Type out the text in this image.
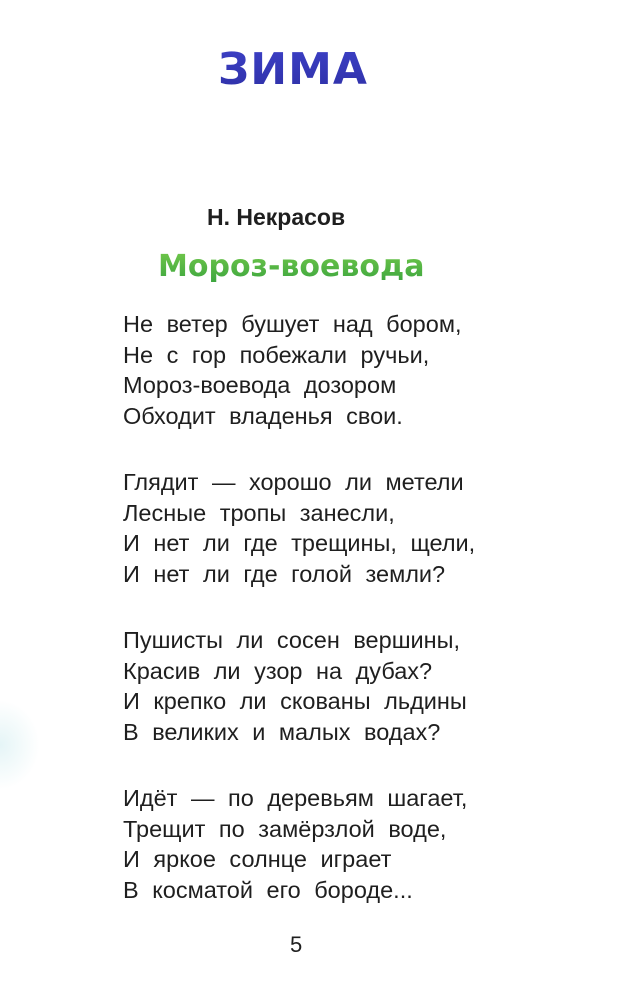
ЗИМА
Н. Некрасов
Мороз-воевода
Не ветер бушует над бором,
Не с гор побежали ручьи,
Мороз-воевода дозором
Обходит владенья свои.
Глядит — хорошо ли метели
Лесные тропы занесли,
И нет ли где трещины, щели,
И нет ли где голой земли?
Пушисты ли сосен вершины,
Красив ли узор на дубах?
И крепко ли скованы льдины
В великих и малых водах?
Идёт — по деревьям шагает,
Трещит по замёрзлой воде,
И яркое солнце играет
В косматой его бороде...
5
